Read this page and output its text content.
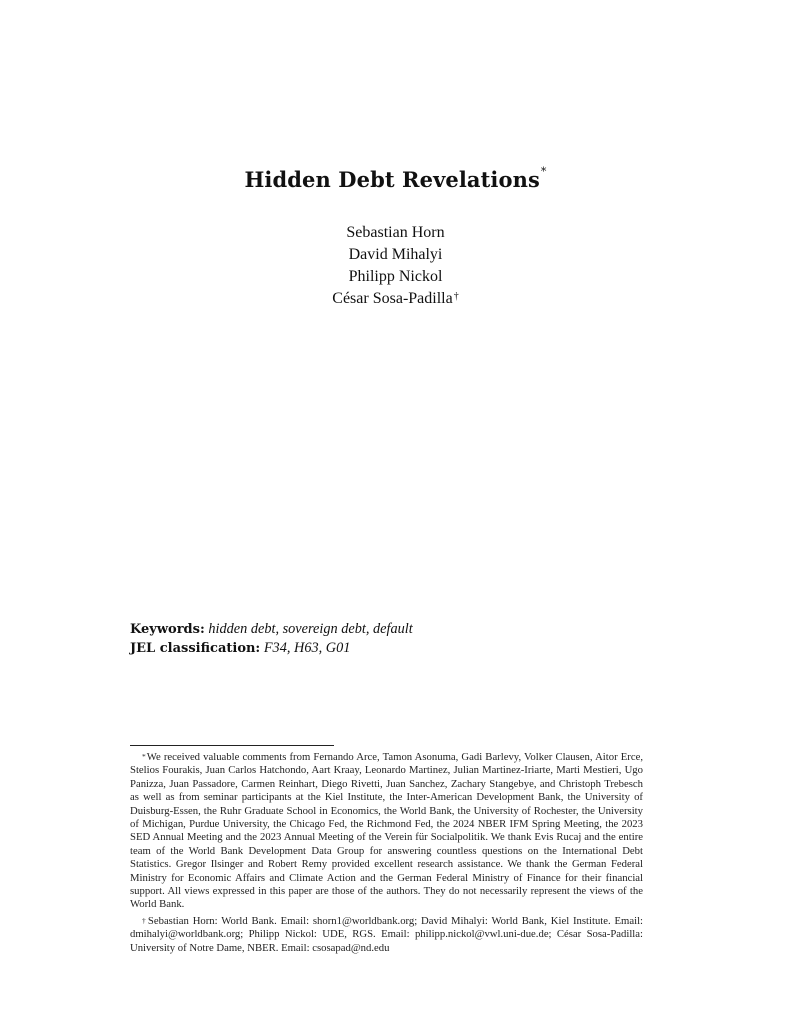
Hidden Debt Revelations*
Sebastian Horn
David Mihalyi
Philipp Nickol
César Sosa-Padilla†
Keywords: hidden debt, sovereign debt, default
JEL classification: F34, H63, G01

*We received valuable comments from Fernando Arce, Tamon Asonuma, Gadi Barlevy, Volker Clausen, Aitor Erce, Stelios Fourakis, Juan Carlos Hatchondo, Aart Kraay, Leonardo Martinez, Julian Martinez-Iriarte, Marti Mestieri, Ugo Panizza, Juan Passadore, Carmen Reinhart, Diego Rivetti, Juan Sanchez, Zachary Stangebye, and Christoph Trebesch as well as from seminar participants at the Kiel Institute, the Inter-American Development Bank, the University of Duisburg-Essen, the Ruhr Graduate School in Economics, the World Bank, the University of Rochester, the University of Michigan, Purdue University, the Chicago Fed, the Richmond Fed, the 2024 NBER IFM Spring Meeting, the 2023 SED Annual Meeting and the 2023 Annual Meeting of the Verein für Socialpolitik. We thank Evis Rucaj and the entire team of the World Bank Development Data Group for answering countless questions on the International Debt Statistics. Gregor Ilsinger and Robert Remy provided excellent research assistance. We thank the German Federal Ministry for Economic Affairs and Climate Action and the German Federal Ministry of Finance for their financial support. All views expressed in this paper are those of the authors. They do not necessarily represent the views of the World Bank.

†Sebastian Horn: World Bank. Email: shorn1@worldbank.org; David Mihalyi: World Bank, Kiel Institute. Email: dmihalyi@worldbank.org; Philipp Nickol: UDE, RGS. Email: philipp.nickol@vwl.uni-due.de; César Sosa-Padilla: University of Notre Dame, NBER. Email: csosapad@nd.edu
